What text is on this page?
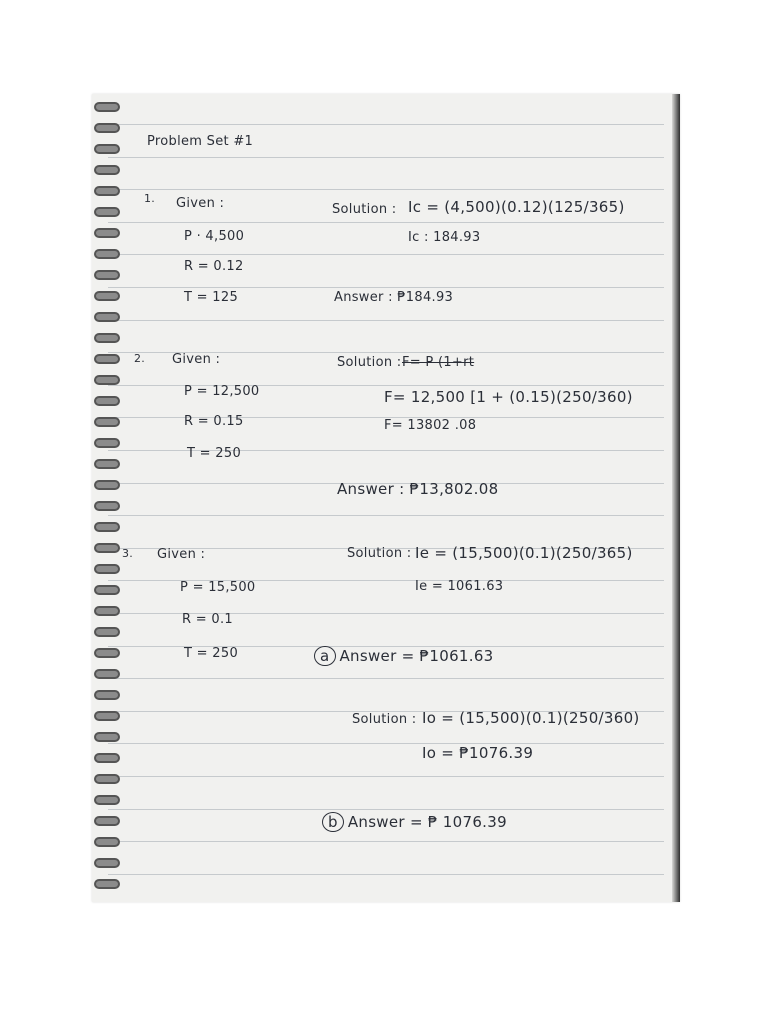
Problem Set #1
1. Given :
P · 4,500
R = 0.12
T = 125
Solution : Ic = (4,500)(0.12)(125/365)
Ic : 184.93
Answer : ₱184.93
2. Given :
P = 12,500
R = 0.15
T = 250
Solution : F= P (1+rt
F= 12,500 [1 + (0.15)(250/360)
F= 13802 .08
Answer : ₱13,802.08
3. Given :
P = 15,500
R = 0.1
T = 250
Solution : Ie = (15,500)(0.1)(250/365)
Ie = 1061.63
a Answer = ₱1061.63
Solution : Io = (15,500)(0.1)(250/360)
Io = ₱1076.39
b Answer = ₱ 1076.39
